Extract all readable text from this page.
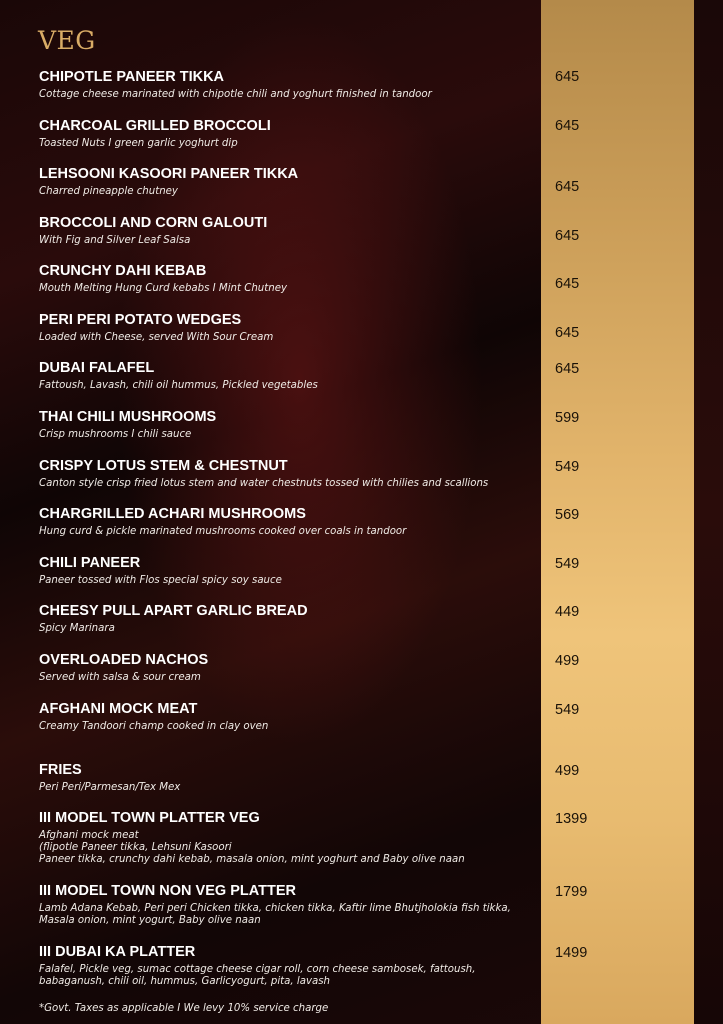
VEG
CHIPOTLE PANEER TIKKA
Cottage cheese marinated with chipotle chili and yoghurt finished in tandoor
645
CHARCOAL GRILLED BROCCOLI
Toasted Nuts I green garlic yoghurt dip
645
LEHSOONI KASOORI PANEER TIKKA
Charred pineapple chutney	645
BROCCOLI AND CORN GALOUTI
With Fig and Silver Leaf Salsa	645
CRUNCHY DAHI KEBAB
Mouth Melting Hung Curd kebabs I Mint Chutney	645
PERI PERI POTATO WEDGES
Loaded with Cheese, served With Sour Cream	645
DUBAI FALAFEL
Fattoush, Lavash, chili oil hummus, Pickled vegetables
645
THAI CHILI MUSHROOMS
Crisp mushrooms I chili sauce
599
CRISPY LOTUS STEM & CHESTNUT
Canton style crisp fried lotus stem and water chestnuts tossed with chilies and scallions
549
CHARGRILLED ACHARI MUSHROOMS
Hung curd & pickle marinated mushrooms cooked over coals in tandoor
569
CHILI PANEER
Paneer tossed with Flos special spicy soy sauce
549
CHEESY PULL APART GARLIC BREAD
Spicy Marinara
449
OVERLOADED NACHOS
Served with salsa & sour cream
499
AFGHANI MOCK MEAT
Creamy Tandoori champ cooked in clay oven
549
FRIES
Peri Peri/Parmesan/Tex Mex
499
III MODEL TOWN PLATTER VEG
Afghani mock meat
(flipotle Paneer tikka, Lehsuni Kasoori
Paneer tikka, crunchy dahi kebab, masala onion, mint yoghurt and Baby olive naan
1399
III MODEL TOWN NON VEG PLATTER
Lamb Adana Kebab, Peri peri Chicken tikka, chicken tikka, Kaftir lime Bhutjholokia fish tikka,
Masala onion, mint yogurt, Baby olive naan
1799
III DUBAI KA PLATTER
Falafel, Pickle veg, sumac cottage cheese cigar roll, corn cheese sambosek, fattoush,
babaganush, chili oil, hummus, Garlicyogurt, pita, lavash
1499
*Govt. Taxes as applicable I We levy 10% service charge
